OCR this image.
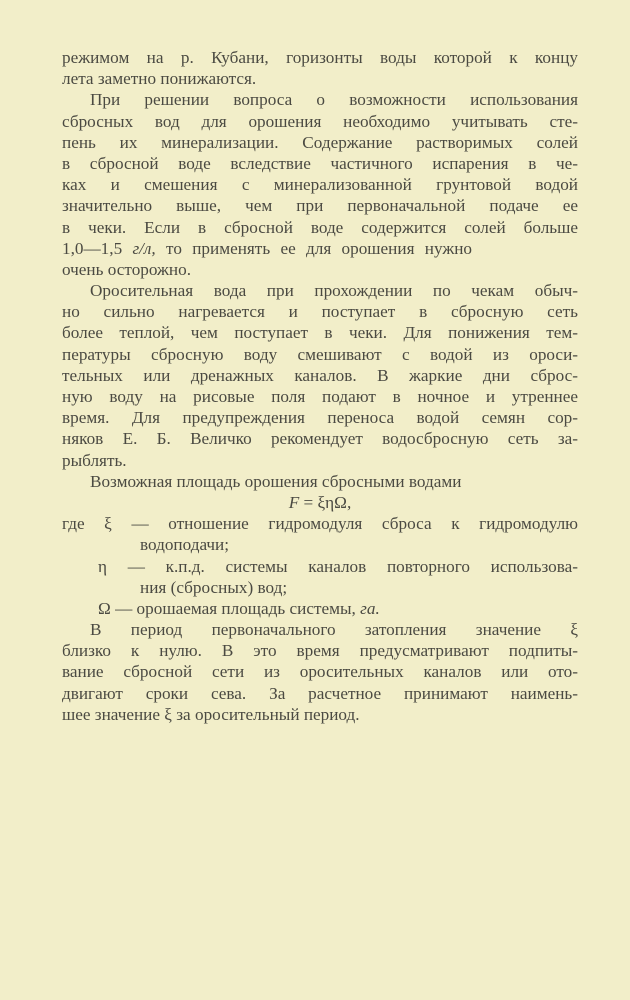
режимом на р. Кубани, горизонты воды которой к концу
лета заметно понижаются.
При решении вопроса о возможности использования
сбросных вод для орошения необходимо учитывать сте-
пень их минерализации. Содержание растворимых солей
в сбросной воде вследствие частичного испарения в че-
ках и смешения с минерализованной грунтовой водой
значительно выше, чем при первоначальной подаче ее
в чеки. Если в сбросной воде содержится солей больше
1,0—1,5 г/л, то применять ее для орошения нужно
очень осторожно.
Оросительная вода при прохождении по чекам обыч-
но сильно нагревается и поступает в сбросную сеть
более теплой, чем поступает в чеки. Для понижения тем-
пературы сбросную воду смешивают с водой из ороси-
тельных или дренажных каналов. В жаркие дни сброс-
ную воду на рисовые поля подают в ночное и утреннее
время. Для предупреждения переноса водой семян сор-
няков Е. Б. Величко рекомендует водосбросную сеть за-
рыблять.
Возможная площадь орошения сбросными водами
F = ξηΩ,
где ξ — отношение гидромодуля сброса к гидромодулю
водоподачи;
η — к.п.д. системы каналов повторного использова-
ния (сбросных) вод;
Ω — орошаемая площадь системы, га.
В период первоначального затопления значение ξ
близко к нулю. В это время предусматривают подпиты-
вание сбросной сети из оросительных каналов или ото-
двигают сроки сева. За расчетное принимают наимень-
шее значение ξ за оросительный период.
